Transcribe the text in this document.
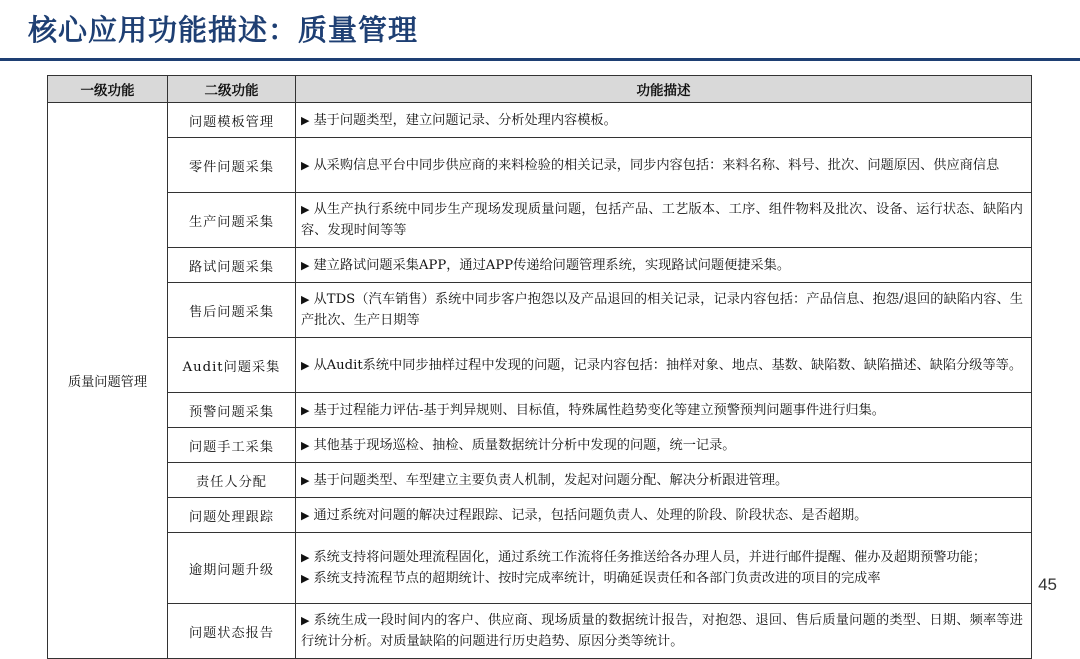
核心应用功能描述：质量管理
一级功能	二级功能	功能描述
质量问题管理	问题模板管理	▶ 基于问题类型，建立问题记录、分析处理内容模板。

	零件问题采集	▶ 从采购信息平台中同步供应商的来料检验的相关记录，同步内容包括：来料名称、料号、批次、问题原因、供应商信息

	生产问题采集	▶ 从生产执行系统中同步生产现场发现质量问题，包括产品、工艺版本、工序、组件物料及批次、设备、运行状态、缺陷内容、发现时间等等

	路试问题采集	▶ 建立路试问题采集APP，通过APP传递给问题管理系统，实现路试问题便捷采集。

	售后问题采集	▶ 从TDS（汽车销售）系统中同步客户抱怨以及产品退回的相关记录，记录内容包括：产品信息、抱怨/退回的缺陷内容、生产批次、生产日期等

	Audit问题采集	▶ 从Audit系统中同步抽样过程中发现的问题，记录内容包括：抽样对象、地点、基数、缺陷数、缺陷描述、缺陷分级等等。

	预警问题采集	▶ 基于过程能力评估-基于判异规则、目标值，特殊属性趋势变化等建立预警预判问题事件进行归集。

	问题手工采集	▶ 其他基于现场巡检、抽检、质量数据统计分析中发现的问题，统一记录。

	责任人分配	▶ 基于问题类型、车型建立主要负责人机制，发起对问题分配、解决分析跟进管理。

	问题处理跟踪	▶ 通过系统对问题的解决过程跟踪、记录，包括问题负责人、处理的阶段、阶段状态、是否超期。

	逾期问题升级	▶ 系统支持将问题处理流程固化，通过系统工作流将任务推送给各办理人员，并进行邮件提醒、催办及超期预警功能；
▶ 系统支持流程节点的超期统计、按时完成率统计，明确延误责任和各部门负责改进的项目的完成率

	问题状态报告	▶ 系统生成一段时间内的客户、供应商、现场质量的数据统计报告，对抱怨、退回、售后质量问题的类型、日期、频率等进行统计分析。对质量缺陷的问题进行历史趋势、原因分类等统计。
45
